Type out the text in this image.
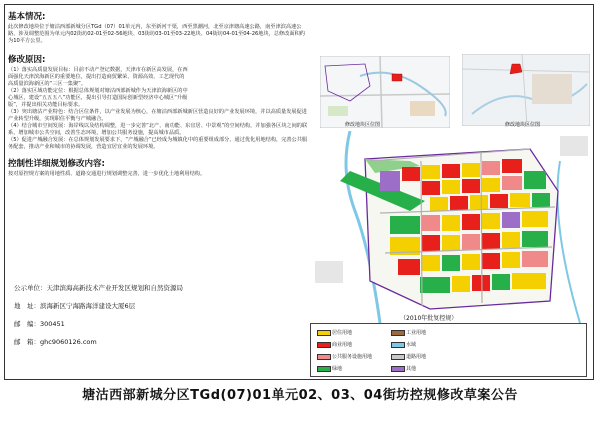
基本情况:
此次修改地块位于塘沽西部新城分区TGd（07）01单元内，东至新河干渠，西至黑潮河，北至京津塘高速公路，南至津滨高速公路，涉及调整范围为单元内02街坊02-01至02-56地块、03街坊03-01至03-22地块、04街坊04-01至04-26地块，总修改面积约为10平方公里。
修改原因:
（1）落实高质量发展目标：目前不动产登记数据，天津市在新区高发展，在西面强化天津滨海新区的重要地位，提出打造商贸繁荣、资源高效、工艺现代的高质量滨海新区的“三区一集聚”。
（2）落实区域功能定位：根据总体规划对塘沽西部新城作为天津滨海新区的中心城区，建设“五五五八”功能区，提出引导打造国际创新型经济中心城区“升级版”，并提出相关功能目标要求。
（3）突出塘沽产业特色：结合区位条件，以产业发展为核心，在塘沽西部新城新区营造良好的产业发展环境，并以高质量发展促进产业转型升级，实现职住平衡与产城融合。
（4）结合城市空间发展：海岸线以及结构调整，进一步完善“北产、南功能、东宜居、中景观”的空间结构，并加强各区块之间的联系，增加城市公共空间，改善生态环境，增加公共服务设施，提高城市品质。
（5）促进产城融合发展：在总体规划发展要求下，“产城融合”已经成为城镇化中的重要组成部分，通过优化用地结构，完善公共服务配套，推动产业和城市的协调发展，营造宜居宜业的发展环境。
控制性详细规划修改内容:
按对原控规方案的用地性质、道路交通进行规划调整完善，进一步优化土地利用结构。
修改地块区位图	修改地块区位图
（2010年批复控规）
居住用地
商业用地
公共服务设施用地
绿地
工业用地
水域
道路用地
其他
公示单位：天津滨海高新技术产业开发区规划和自然资源局
地　址：滨海新区宁海路海洋建设大厦6层
邮　编：300451
邮　箱：ghc9060126.com
塘沽西部新城分区TGd(07)01单元02、03、04街坊控规修改草案公告
